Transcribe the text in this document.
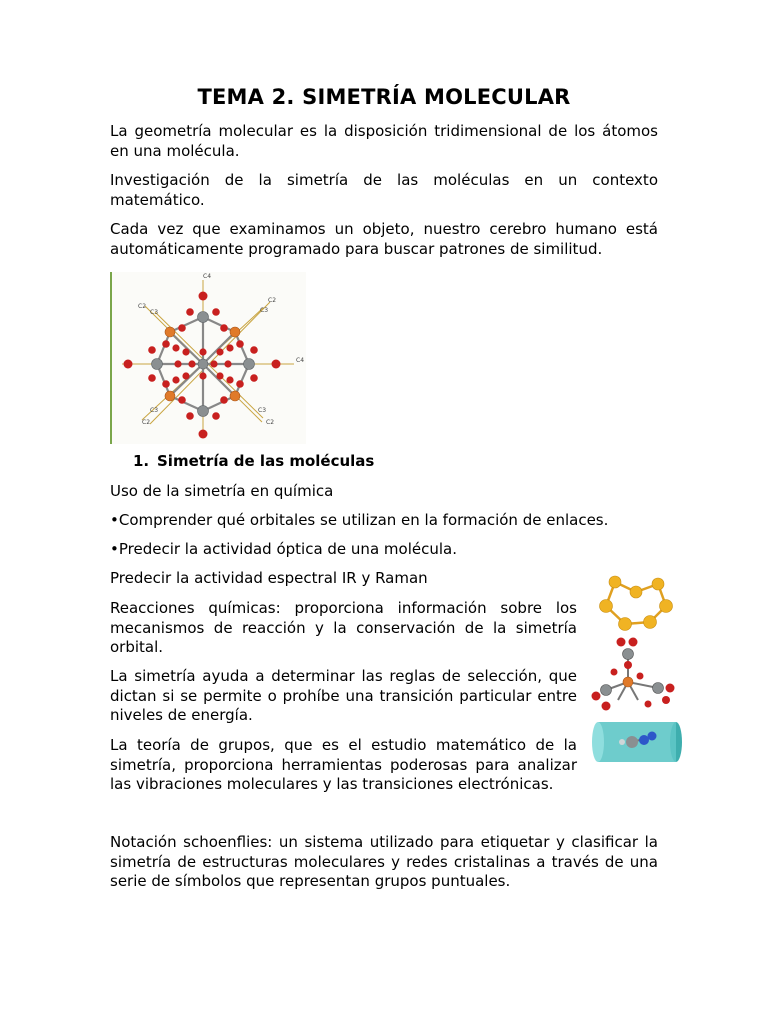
TEMA 2. SIMETRÍA MOLECULAR

La geometría molecular es la disposición tridimensional de los átomos en una molécula.

Investigación de la simetría de las moléculas en un contexto matemático.

Cada vez que examinamos un objeto, nuestro cerebro humano está automáticamente programado para buscar patrones de similitud.

1. Simetría de las moléculas

Uso de la simetría en química

•Comprender qué orbitales se utilizan en la formación de enlaces.

•Predecir la actividad óptica de una molécula.

Predecir la actividad espectral IR y Raman

Reacciones químicas: proporciona información sobre los mecanismos de reacción y la conservación de la simetría orbital.

La simetría ayuda a determinar las reglas de selección, que dictan si se permite o prohíbe una transición particular entre niveles de energía.

La teoría de grupos, que es el estudio matemático de la simetría, proporciona herramientas poderosas para analizar las vibraciones moleculares y las transiciones electrónicas.

Notación schoenflies: un sistema utilizado para etiquetar y clasificar la simetría de estructuras moleculares y redes cristalinas a través de una serie de símbolos que representan grupos puntuales.

C4
C4
C2
C3
C2
C3
C3
C2
C3
C2
